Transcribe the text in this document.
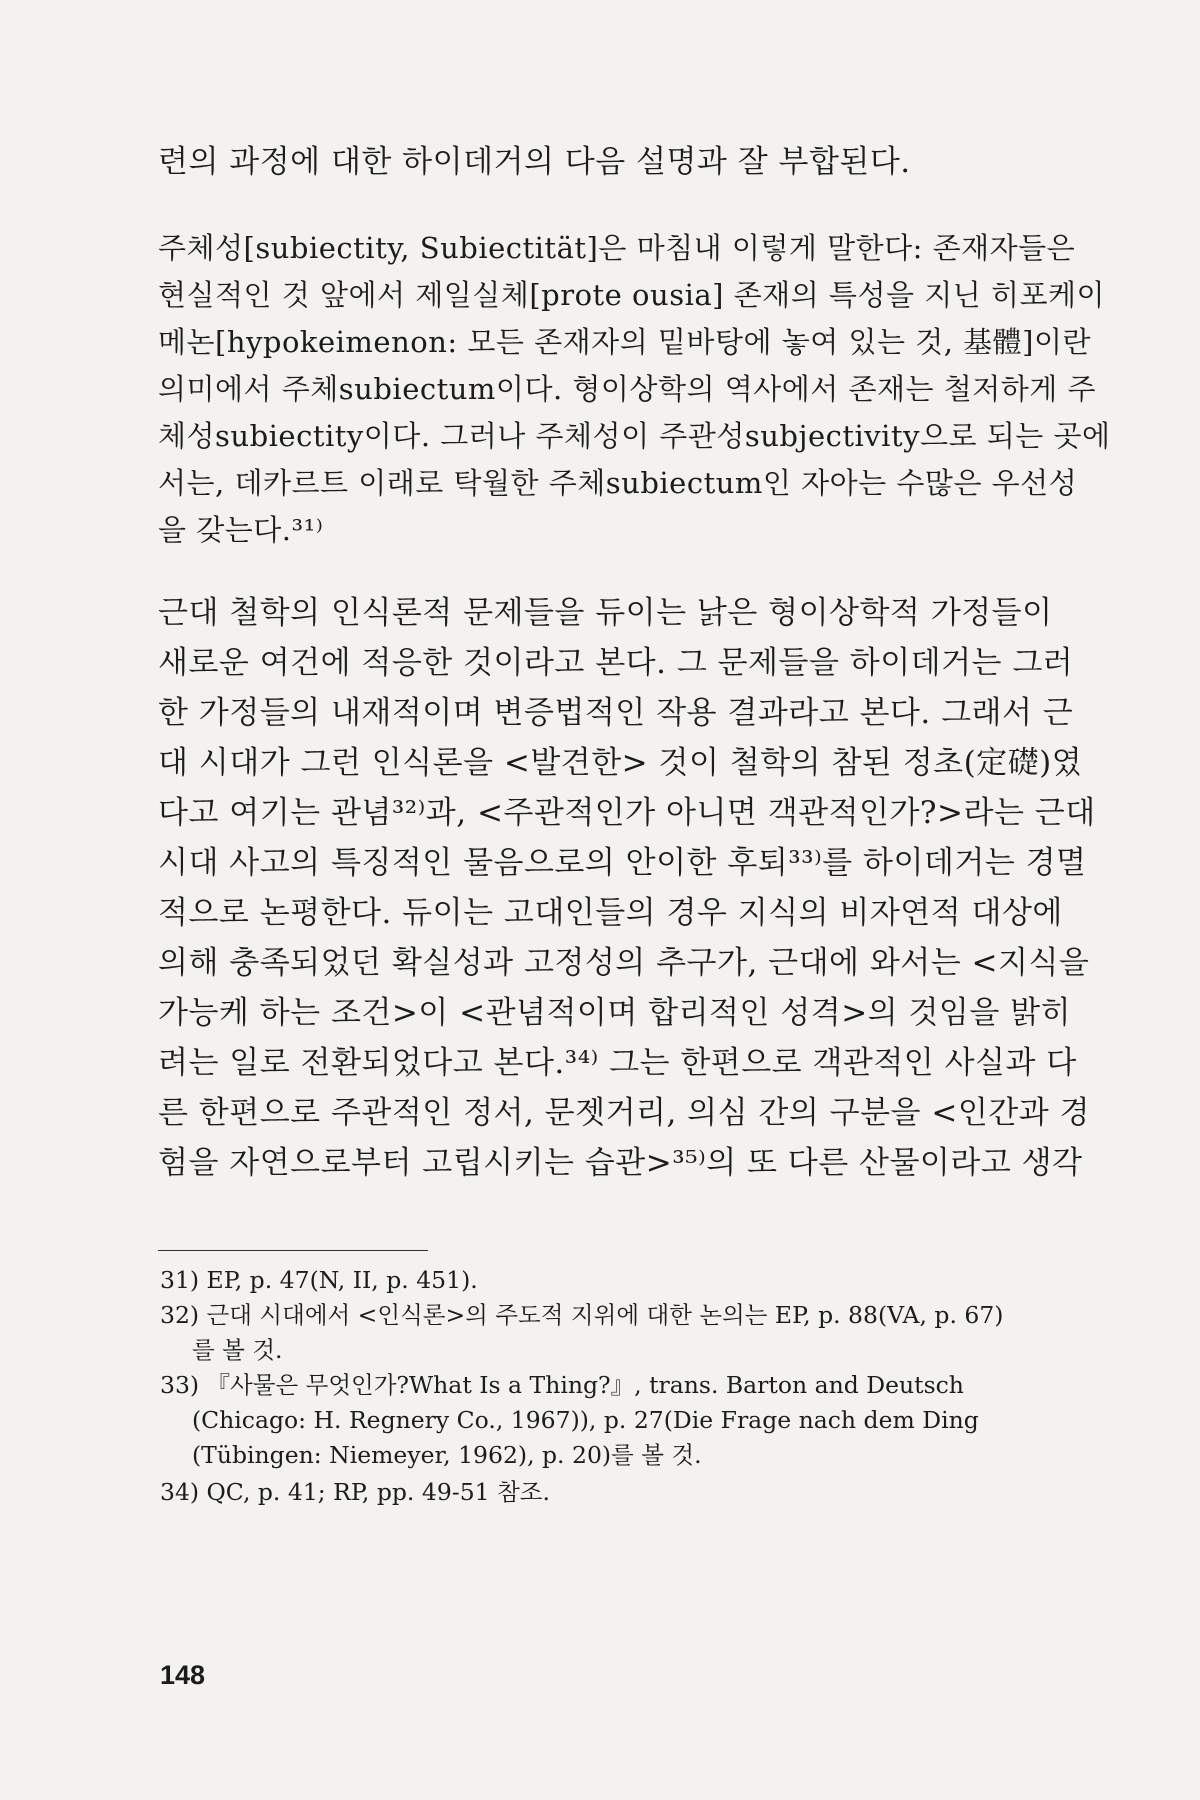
련의 과정에 대한 하이데거의 다음 설명과 잘 부합된다.
주체성[subiectity, Subiectität]은 마침내 이렇게 말한다: 존재자들은
현실적인 것 앞에서 제일실체[prote ousia] 존재의 특성을 지닌 히포케이
메논[hypokeimenon: 모든 존재자의 밑바탕에 놓여 있는 것, 基體]이란
의미에서 주체subiectum이다. 형이상학의 역사에서 존재는 철저하게 주
체성subiectity이다. 그러나 주체성이 주관성subjectivity으로 되는 곳에
서는, 데카르트 이래로 탁월한 주체subiectum인 자아는 수많은 우선성
을 갖는다.³¹⁾
근대 철학의 인식론적 문제들을 듀이는 낡은 형이상학적 가정들이
새로운 여건에 적응한 것이라고 본다. 그 문제들을 하이데거는 그러
한 가정들의 내재적이며 변증법적인 작용 결과라고 본다. 그래서 근
대 시대가 그런 인식론을 <발견한> 것이 철학의 참된 정초(定礎)였
다고 여기는 관념³²⁾과, <주관적인가 아니면 객관적인가?>라는 근대
시대 사고의 특징적인 물음으로의 안이한 후퇴³³⁾를 하이데거는 경멸
적으로 논평한다. 듀이는 고대인들의 경우 지식의 비자연적 대상에
의해 충족되었던 확실성과 고정성의 추구가, 근대에 와서는 <지식을
가능케 하는 조건>이 <관념적이며 합리적인 성격>의 것임을 밝히
려는 일로 전환되었다고 본다.³⁴⁾ 그는 한편으로 객관적인 사실과 다
른 한편으로 주관적인 정서, 문젯거리, 의심 간의 구분을 <인간과 경
험을 자연으로부터 고립시키는 습관>³⁵⁾의 또 다른 산물이라고 생각
31) EP, p. 47(N, II, p. 451).
32) 근대 시대에서 <인식론>의 주도적 지위에 대한 논의는 EP, p. 88(VA, p. 67)
를 볼 것.
33) 『사물은 무엇인가?What Is a Thing?』, trans. Barton and Deutsch
(Chicago: H. Regnery Co., 1967)), p. 27(Die Frage nach dem Ding
(Tübingen: Niemeyer, 1962), p. 20)를 볼 것.
34) QC, p. 41; RP, pp. 49-51 참조.
148
